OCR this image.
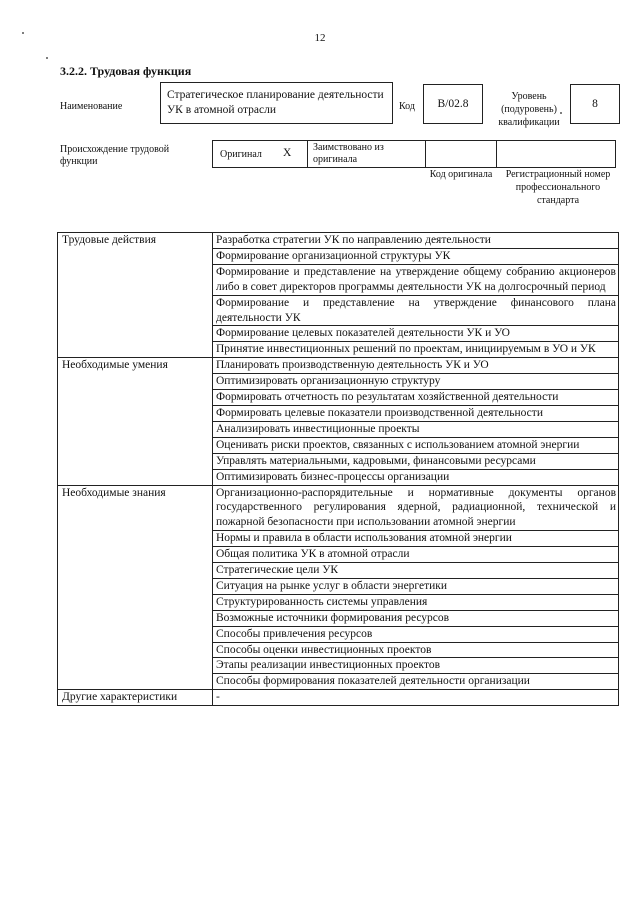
12
3.2.2. Трудовая функция
Наименование
Стратегическое планирование деятельности УК в атомной отрасли	Код B/02.8
Уровень (подуровень) квалификации
8
Происхождение трудовой функции
Оригинал X Заимствовано из оригинала
Код оригинала	Регистрационный номер профессионального стандарта
Трудовые действия	Разработка стратегии УК по направлению деятельности
	Формирование организационной структуры УК
	Формирование и представление на утверждение общему собранию акционеров либо в совет директоров программы деятельности УК на долгосрочный период
	Формирование и представление на утверждение финансового плана деятельности УК
	Формирование целевых показателей деятельности УК и УО
	Принятие инвестиционных решений по проектам, инициируемым в УО и УК
Необходимые умения	Планировать производственную деятельность УК и УО
	Оптимизировать организационную структуру
	Формировать отчетность по результатам хозяйственной деятельности
	Формировать целевые показатели производственной деятельности
	Анализировать инвестиционные проекты
	Оценивать риски проектов, связанных с использованием атомной энергии
	Управлять материальными, кадровыми, финансовыми ресурсами
	Оптимизировать бизнес-процессы организации
Необходимые знания	Организационно-распорядительные и нормативные документы органов государственного регулирования ядерной, радиационной, технической и пожарной безопасности при использовании атомной энергии
	Нормы и правила в области использования атомной энергии
	Общая политика УК в атомной отрасли
	Стратегические цели УК
	Ситуация на рынке услуг в области энергетики
	Структурированность системы управления
	Возможные источники формирования ресурсов
	Способы привлечения ресурсов
	Способы оценки инвестиционных проектов
	Этапы реализации инвестиционных проектов
	Способы формирования показателей деятельности организации
Другие характеристики	-
